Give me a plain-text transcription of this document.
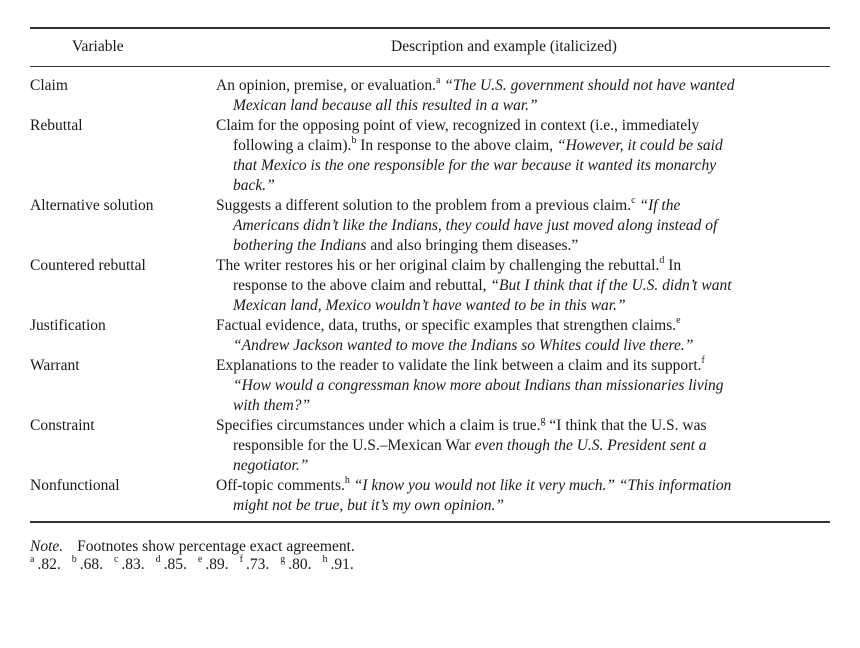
Variable	Description and example (italicized)
Claim	An opinion, premise, or evaluation.$^a$ “The U.S. government should not have wanted
Mexican land because all this resulted in a war.”
Rebuttal	Claim for the opposing point of view, recognized in context (i.e., immediately
following a claim).$^b$ In response to the above claim, “However, it could be said
that Mexico is the one responsible for the war because it wanted its monarchy
back.”
Alternative solution	Suggests a different solution to the problem from a previous claim.$^c$ “If the
Americans didn’t like the Indians, they could have just moved along instead of
bothering the Indians and also bringing them diseases.”
Countered rebuttal	The writer restores his or her original claim by challenging the rebuttal.$^d$ In
response to the above claim and rebuttal, “But I think that if the U.S. didn’t want
Mexican land, Mexico wouldn’t have wanted to be in this war.”
Justification	Factual evidence, data, truths, or specific examples that strengthen claims.$^e$
“Andrew Jackson wanted to move the Indians so Whites could live there.”
Warrant	Explanations to the reader to validate the link between a claim and its support.$^f$
“How would a congressman know more about Indians than missionaries living
with them?”
Constraint	Specifies circumstances under which a claim is true.$^g$ “I think that the U.S. was
responsible for the U.S.–Mexican War even though the U.S. President sent a
negotiator.”
Nonfunctional	Off-topic comments.$^h$ “I know you would not like it very much.” “This information
might not be true, but it’s my own opinion.”
Note. Footnotes show percentage exact agreement.
$^a$ .82. $^b$ .68. $^c$ .83. $^d$ .85. $^e$ .89. $^f$ .73. $^g$ .80. $^h$ .91.
